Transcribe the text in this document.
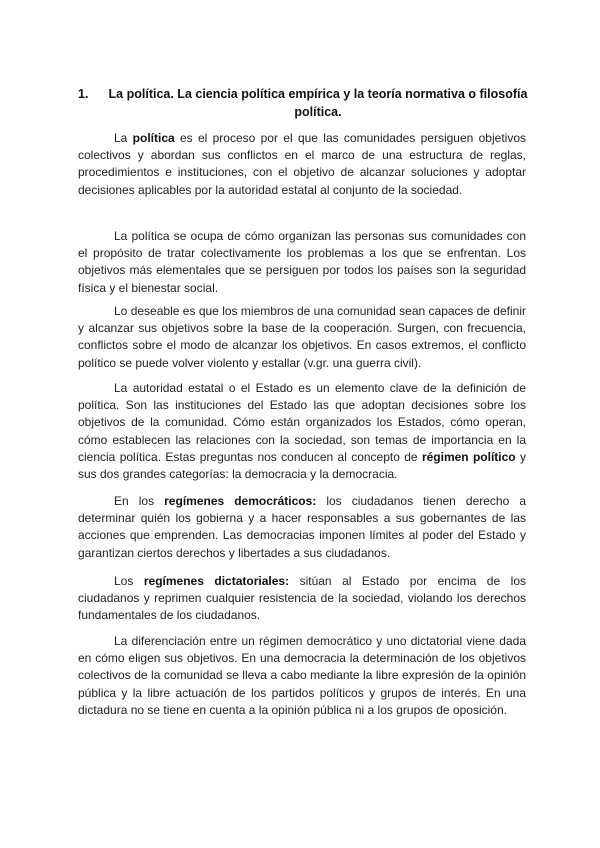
1.	La política. La ciencia política empírica y la teoría normativa o filosofía política.

La política es el proceso por el que las comunidades persiguen objetivos colectivos y abordan sus conflictos en el marco de una estructura de reglas, procedimientos e instituciones, con el objetivo de alcanzar soluciones y adoptar decisiones aplicables por la autoridad estatal al conjunto de la sociedad.

La política se ocupa de cómo organizan las personas sus comunidades con el propósito de tratar colectivamente los problemas a los que se enfrentan. Los objetivos más elementales que se persiguen por todos los países son la seguridad física y el bienestar social.

Lo deseable es que los miembros de una comunidad sean capaces de definir y alcanzar sus objetivos sobre la base de la cooperación. Surgen, con frecuencia, conflictos sobre el modo de alcanzar los objetivos. En casos extremos, el conflicto político se puede volver violento y estallar (v.gr. una guerra civil).

La autoridad estatal o el Estado es un elemento clave de la definición de política. Son las instituciones del Estado las que adoptan decisiones sobre los objetivos de la comunidad. Cómo están organizados los Estados, cómo operan, cómo establecen las relaciones con la sociedad, son temas de importancia en la ciencia política. Estas preguntas nos conducen al concepto de régimen político y sus dos grandes categorías: la democracia y la democracia.

En los regímenes democráticos: los ciudadanos tienen derecho a determinar quién los gobierna y a hacer responsables a sus gobernantes de las acciones que emprenden. Las democracias imponen límites al poder del Estado y garantizan ciertos derechos y libertades a sus ciudadanos.

Los regímenes dictatoriales: sitúan al Estado por encima de los ciudadanos y reprimen cualquier resistencia de la sociedad, violando los derechos fundamentales de los ciudadanos.

La diferenciación entre un régimen democrático y uno dictatorial viene dada en cómo eligen sus objetivos. En una democracia la determinación de los objetivos colectivos de la comunidad se lleva a cabo mediante la libre expresión de la opinión pública y la libre actuación de los partidos políticos y grupos de interés. En una dictadura no se tiene en cuenta a la opinión pública ni a los grupos de oposición.
